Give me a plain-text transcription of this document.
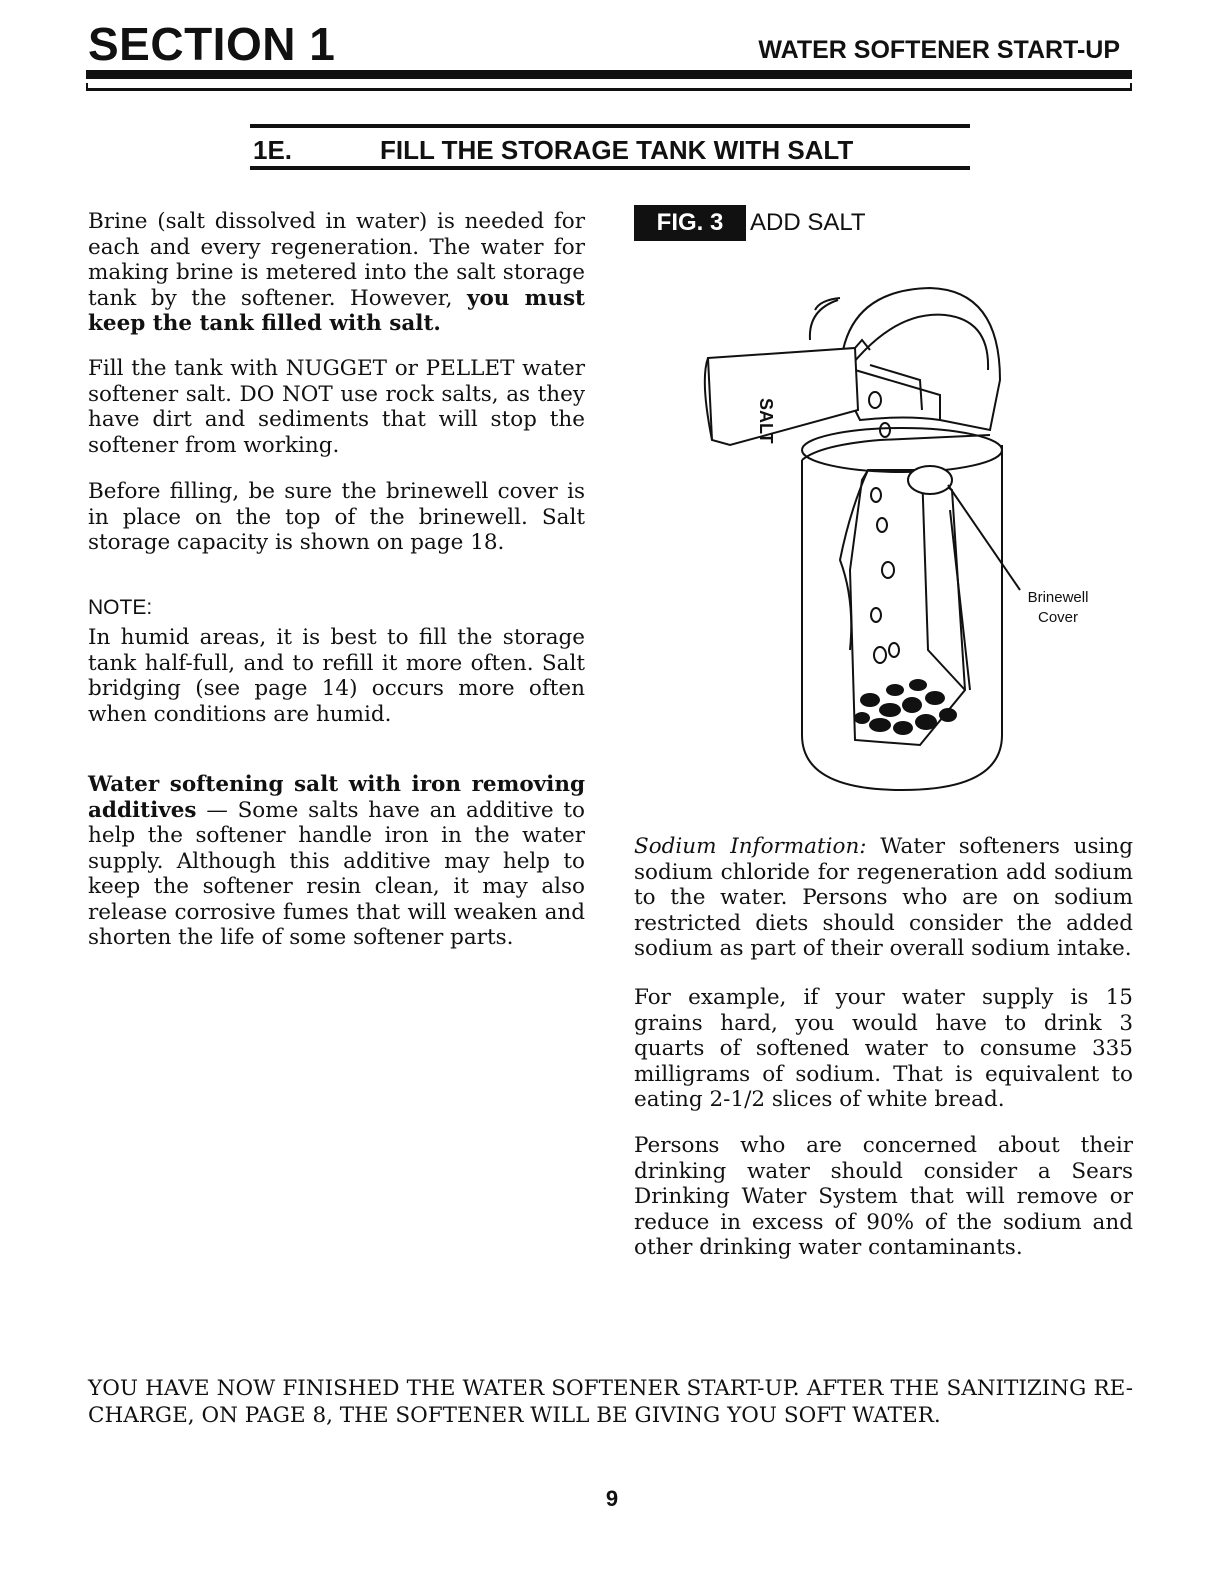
SECTION 1	WATER SOFTENER START-UP
1E.	FILL THE STORAGE TANK WITH SALT

Brine (salt dissolved in water) is needed for each and every regeneration. The water for making brine is metered into the salt storage tank by the softener. However, you must keep the tank filled with salt.

Fill the tank with NUGGET or PELLET water softener salt. DO NOT use rock salts, as they have dirt and sediments that will stop the softener from working.

Before filling, be sure the brinewell cover is in place on the top of the brinewell. Salt storage capacity is shown on page 18.

NOTE:

In humid areas, it is best to fill the storage tank half-full, and to refill it more often. Salt bridging (see page 14) occurs more often when conditions are humid.

Water softening salt with iron removing additives — Some salts have an additive to help the softener handle iron in the water supply. Although this additive may help to keep the softener resin clean, it may also release corrosive fumes that will weaken and shorten the life of some softener parts.

FIG. 3	ADD SALT
SALT
Brinewell
Cover

Sodium Information: Water softeners using sodium chloride for regeneration add sodium to the water. Persons who are on sodium restricted diets should consider the added sodium as part of their overall sodium intake.

For example, if your water supply is 15 grains hard, you would have to drink 3 quarts of softened water to consume 335 milligrams of sodium. That is equivalent to eating 2-1/2 slices of white bread.

Persons who are concerned about their drinking water should consider a Sears Drinking Water System that will remove or reduce in excess of 90% of the sodium and other drinking water contaminants.

YOU HAVE NOW FINISHED THE WATER SOFTENER START-UP. AFTER THE SANITIZING RE-CHARGE, ON PAGE 8, THE SOFTENER WILL BE GIVING YOU SOFT WATER.
9
